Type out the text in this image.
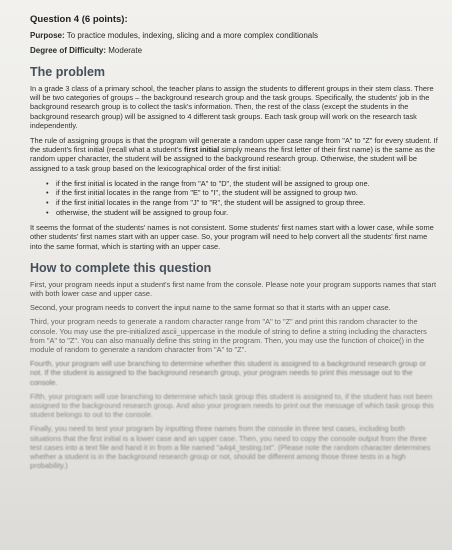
Question 4 (6 points):
Purpose: To practice modules, indexing, slicing and a more complex conditionals
Degree of Difficulty: Moderate
The problem

In a grade 3 class of a primary school, the teacher plans to assign the students to different groups in their stem class. There will be two categories of groups – the background research group and the task groups. Specifically, the students' job in the background research group is to collect the task's information. Then, the rest of the class (except the students in the background research group) will be assigned to 4 different task groups. Each task group will work on the research task independently.

The rule of assigning groups is that the program will generate a random upper case range from "A" to "Z" for every student. If the student's first initial (recall what a student's first initial simply means the first letter of their first name) is the same as the random upper character, the student will be assigned to the background research group. Otherwise, the student will be assigned to a task group based on the lexicographical order of the first initial:

• if the first initial is located in the range from "A" to "D", the student will be assigned to group one.
• if the first initial locates in the range from "E" to "I", the student will be assigned to group two.
• if the first initial locates in the range from "J" to "R", the student will be assigned to group three.
• otherwise, the student will be assigned to group four.

It seems the format of the students' names is not consistent. Some students' first names start with a lower case, while some other students' first names start with an upper case. So, your program will need to help convert all the students' first name into the same format, which is starting with an upper case.

How to complete this question

First, your program needs input a student's first name from the console. Please note your program supports names that start with both lower case and upper case.

Second, your program needs to convert the input name to the same format so that it starts with an upper case.

Third, your program needs to generate a random character range from "A" to "Z" and print this random character to the console. You may use the pre-initialized ascii_uppercase in the module of string to define a string including the characters from "A" to "Z". You can also manually define this string in the program. Then, you may use the function of choice() in the module of random to generate a random character from "A" to "Z".

Fourth, your program will use branching to determine whether this student is assigned to a background research group or not. If the student is assigned to the background research group, your program needs to print this message out to the console.

Fifth, your program will use branching to determine which task group this student is assigned to, if the student has not been assigned to the background research group. And also your program needs to print out the message of which task group this student belongs to out to the console.

Finally, you need to test your program by inputting three names from the console in three test cases, including both situations that the first initial is a lower case and an upper case. Then, you need to copy the console output from the three test cases into a text file and hand it in from a file named "a4q4_testing.txt". (Please note the random character determines whether a student is in the background research group or not, should be different among those three tests in a high probability.)
